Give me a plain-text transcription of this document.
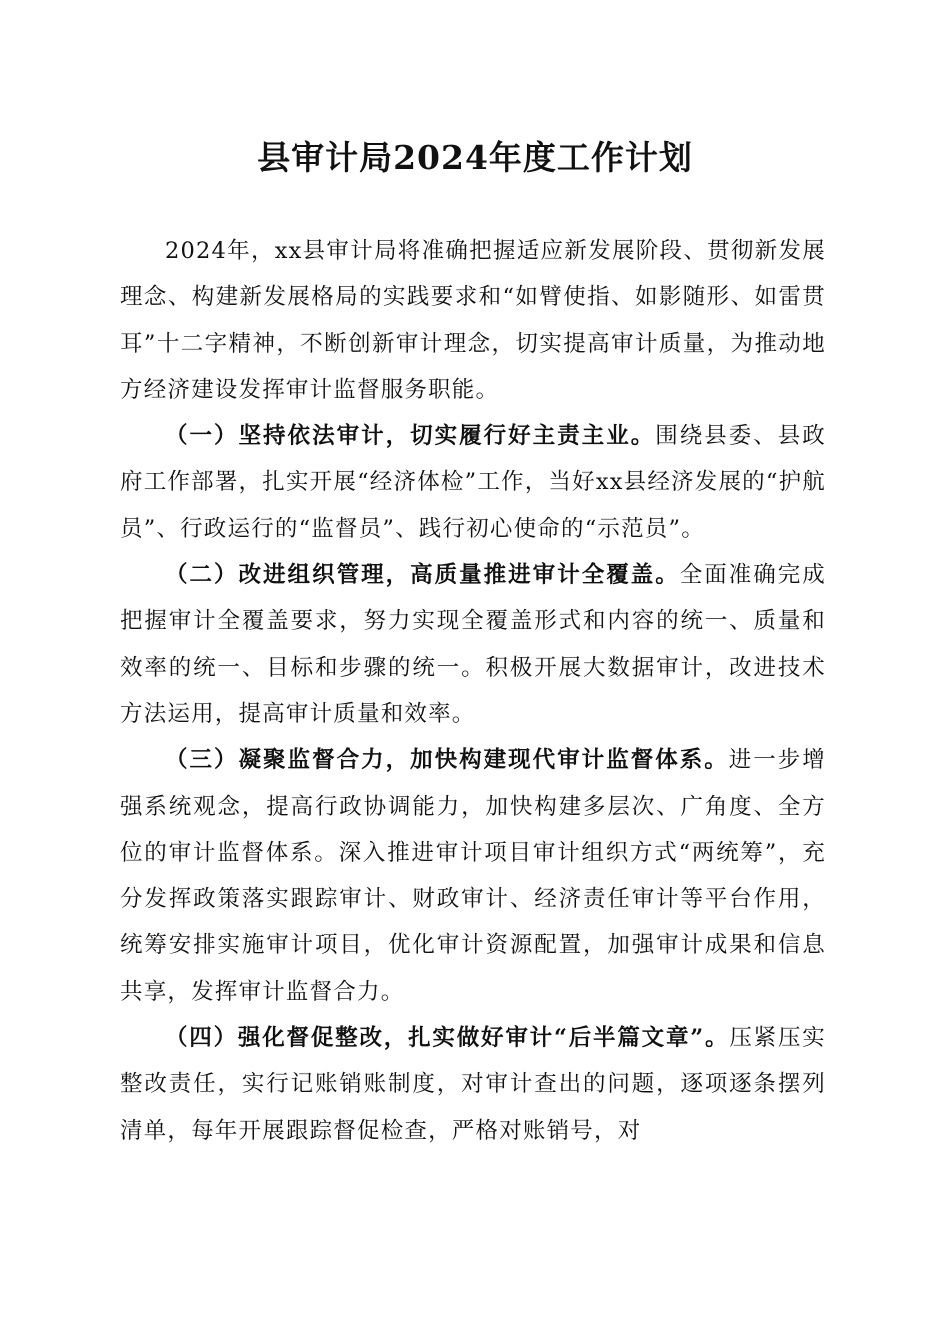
县审计局2024年度工作计划

2024年，xx县审计局将准确把握适应新发展阶段、贯彻新发展理念、构建新发展格局的实践要求和“如臂使指、如影随形、如雷贯耳”十二字精神，不断创新审计理念，切实提高审计质量，为推动地方经济建设发挥审计监督服务职能。

（一）坚持依法审计，切实履行好主责主业。围绕县委、县政府工作部署，扎实开展“经济体检”工作，当好xx县经济发展的“护航员”、行政运行的“监督员”、践行初心使命的“示范员”。

（二）改进组织管理，高质量推进审计全覆盖。全面准确完成把握审计全覆盖要求，努力实现全覆盖形式和内容的统一、质量和效率的统一、目标和步骤的统一。积极开展大数据审计，改进技术方法运用，提高审计质量和效率。

（三）凝聚监督合力，加快构建现代审计监督体系。进一步增强系统观念，提高行政协调能力，加快构建多层次、广角度、全方位的审计监督体系。深入推进审计项目审计组织方式“两统筹”，充分发挥政策落实跟踪审计、财政审计、经济责任审计等平台作用，统筹安排实施审计项目，优化审计资源配置，加强审计成果和信息共享，发挥审计监督合力。

（四）强化督促整改，扎实做好审计“后半篇文章”。压紧压实整改责任，实行记账销账制度，对审计查出的问题，逐项逐条摆列清单，每年开展跟踪督促检查，严格对账销号，对
